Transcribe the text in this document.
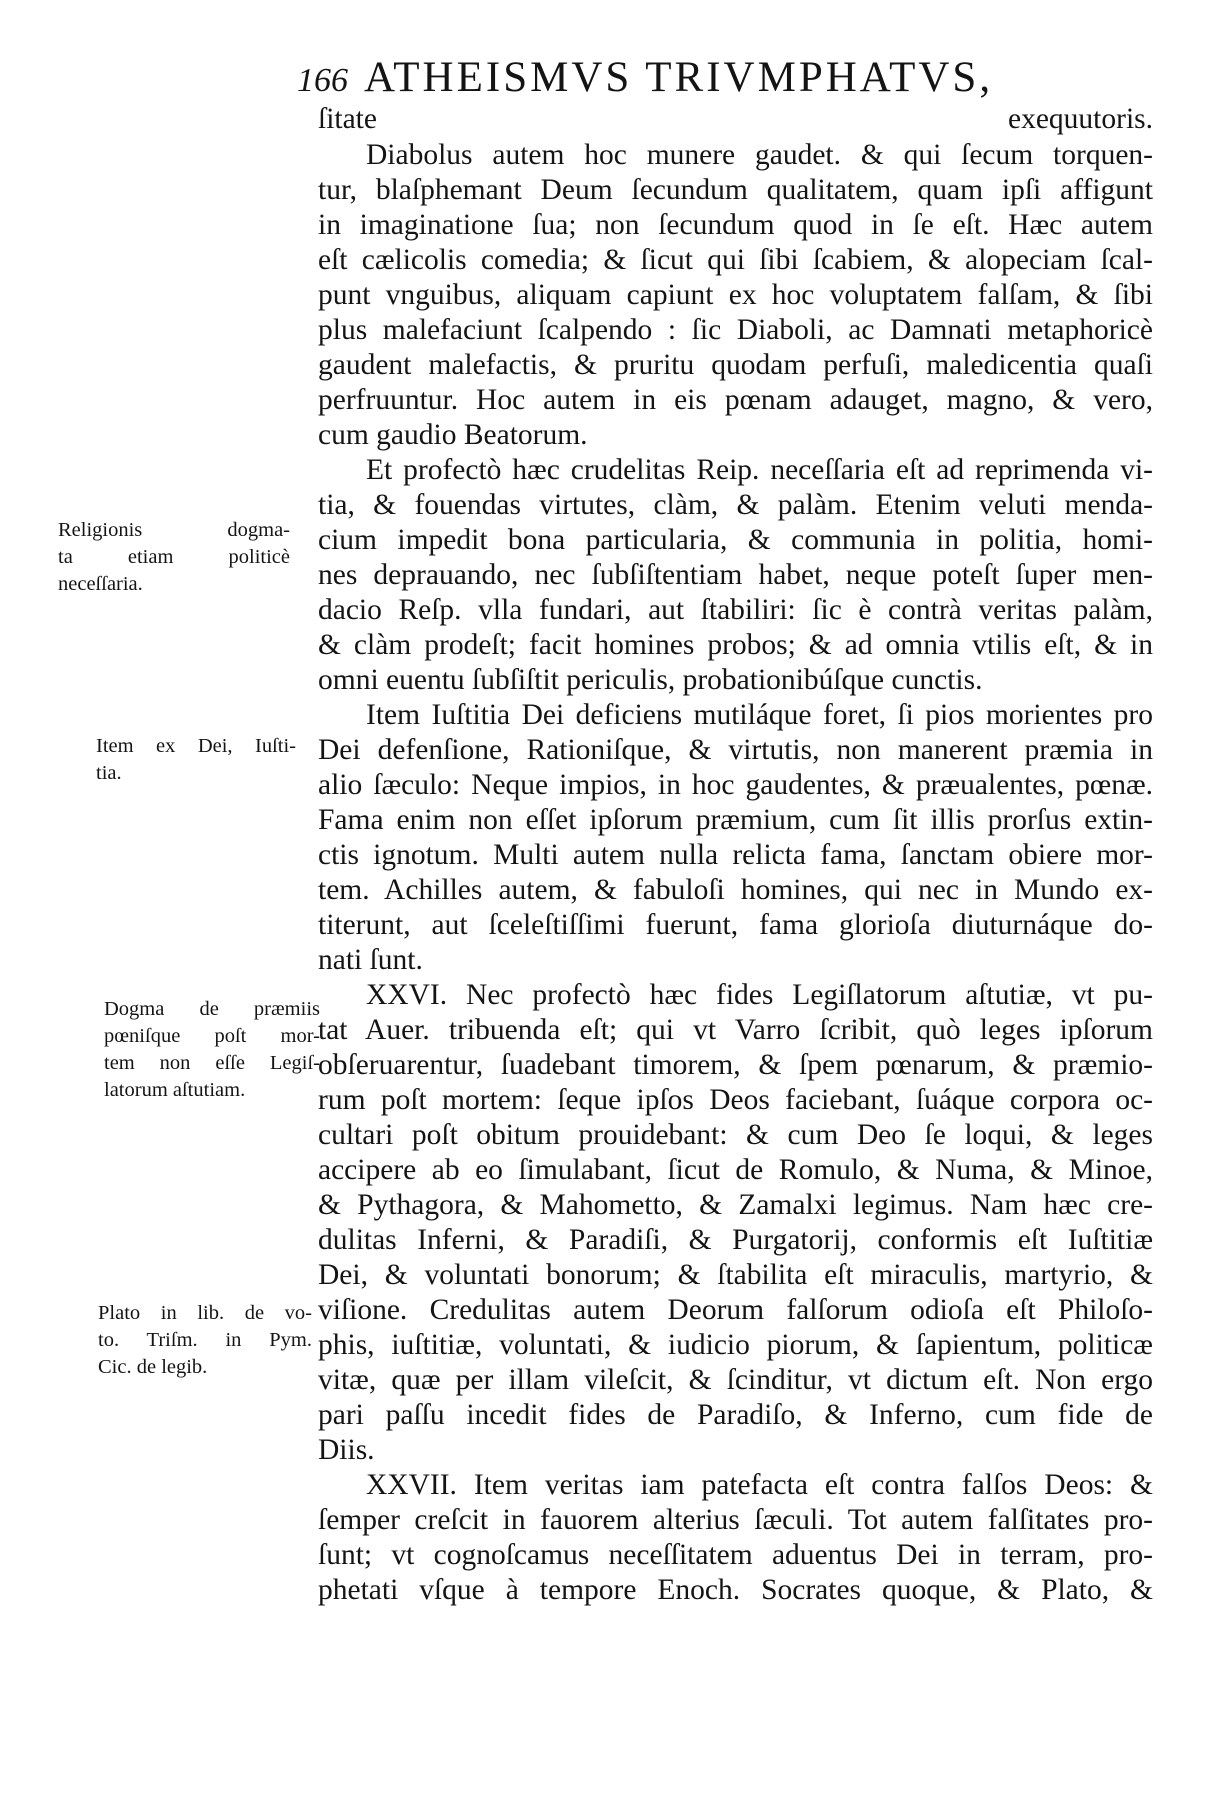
166 ATHEISMVS TRIVMPHATVS,
ſitate exequutoris.
Diabolus autem hoc munere gaudet. & qui ſecum torquen-
tur, blaſphemant Deum ſecundum qualitatem, quam ipſi affigunt
in imaginatione ſua; non ſecundum quod in ſe eſt. Hæc autem
eſt cælicolis comedia; & ſicut qui ſibi ſcabiem, & alopeciam ſcal-
punt vnguibus, aliquam capiunt ex hoc voluptatem falſam, & ſibi
plus malefaciunt ſcalpendo : ſic Diaboli, ac Damnati metaphoricè
gaudent malefactis, & pruritu quodam perfuſi, maledicentia quaſi
perfruuntur. Hoc autem in eis pœnam adauget, magno, & vero,
cum gaudio Beatorum.
Et profectò hæc crudelitas Reip. neceſſaria eſt ad reprimenda vi-
tia, & fouendas virtutes, clàm, & palàm. Etenim veluti menda-
cium impedit bona particularia, & communia in politia, homi-
nes deprauando, nec ſubſiſtentiam habet, neque poteſt ſuper men-
dacio Reſp. vlla fundari, aut ſtabiliri: ſic è contrà veritas palàm,
& clàm prodeſt; facit homines probos; & ad omnia vtilis eſt, & in
omni euentu ſubſiſtit periculis, probationibúſque cunctis.
Item Iuſtitia Dei deficiens mutiláque foret, ſi pios morientes pro
Dei defenſione, Rationiſque, & virtutis, non manerent præmia in
alio ſæculo: Neque impios, in hoc gaudentes, & præualentes, pœnæ.
Fama enim non eſſet ipſorum præmium, cum ſit illis prorſus extin-
ctis ignotum. Multi autem nulla relicta fama, ſanctam obiere mor-
tem. Achilles autem, & fabuloſi homines, qui nec in Mundo ex-
titerunt, aut ſceleſtiſſimi fuerunt, fama glorioſa diuturnáque do-
nati ſunt.
XXVI. Nec profectò hæc fides Legiſlatorum aſtutiæ, vt pu-
tat Auer. tribuenda eſt; qui vt Varro ſcribit, quò leges ipſorum
obſeruarentur, ſuadebant timorem, & ſpem pœnarum, & præmio-
rum poſt mortem: ſeque ipſos Deos faciebant, ſuáque corpora oc-
cultari poſt obitum prouidebant: & cum Deo ſe loqui, & leges
accipere ab eo ſimulabant, ſicut de Romulo, & Numa, & Minoe,
& Pythagora, & Mahometto, & Zamalxi legimus. Nam hæc cre-
dulitas Inferni, & Paradiſi, & Purgatorij, conformis eſt Iuſtitiæ
Dei, & voluntati bonorum; & ſtabilita eſt miraculis, martyrio, &
viſione. Credulitas autem Deorum falſorum odioſa eſt Philoſo-
phis, iuſtitiæ, voluntati, & iudicio piorum, & ſapientum, politicæ
vitæ, quæ per illam vileſcit, & ſcinditur, vt dictum eſt. Non ergo
pari paſſu incedit fides de Paradiſo, & Inferno, cum fide de
Diis.
XXVII. Item veritas iam patefacta eſt contra falſos Deos: &
ſemper creſcit in fauorem alterius ſæculi. Tot autem falſitates pro-
ſunt; vt cognoſcamus neceſſitatem aduentus Dei in terram, pro-
phetati vſque à tempore Enoch. Socrates quoque, & Plato, &
Religionis dogma-
ta etiam politicè
neceſſaria.
Item ex Dei, Iuſti-
tia.
Dogma de præmiis
pœniſque poſt mor-
tem non eſſe Legiſ-
latorum aſtutiam.
Plato in lib. de vo-
to. Triſm. in Pym.
Cic. de legib.
